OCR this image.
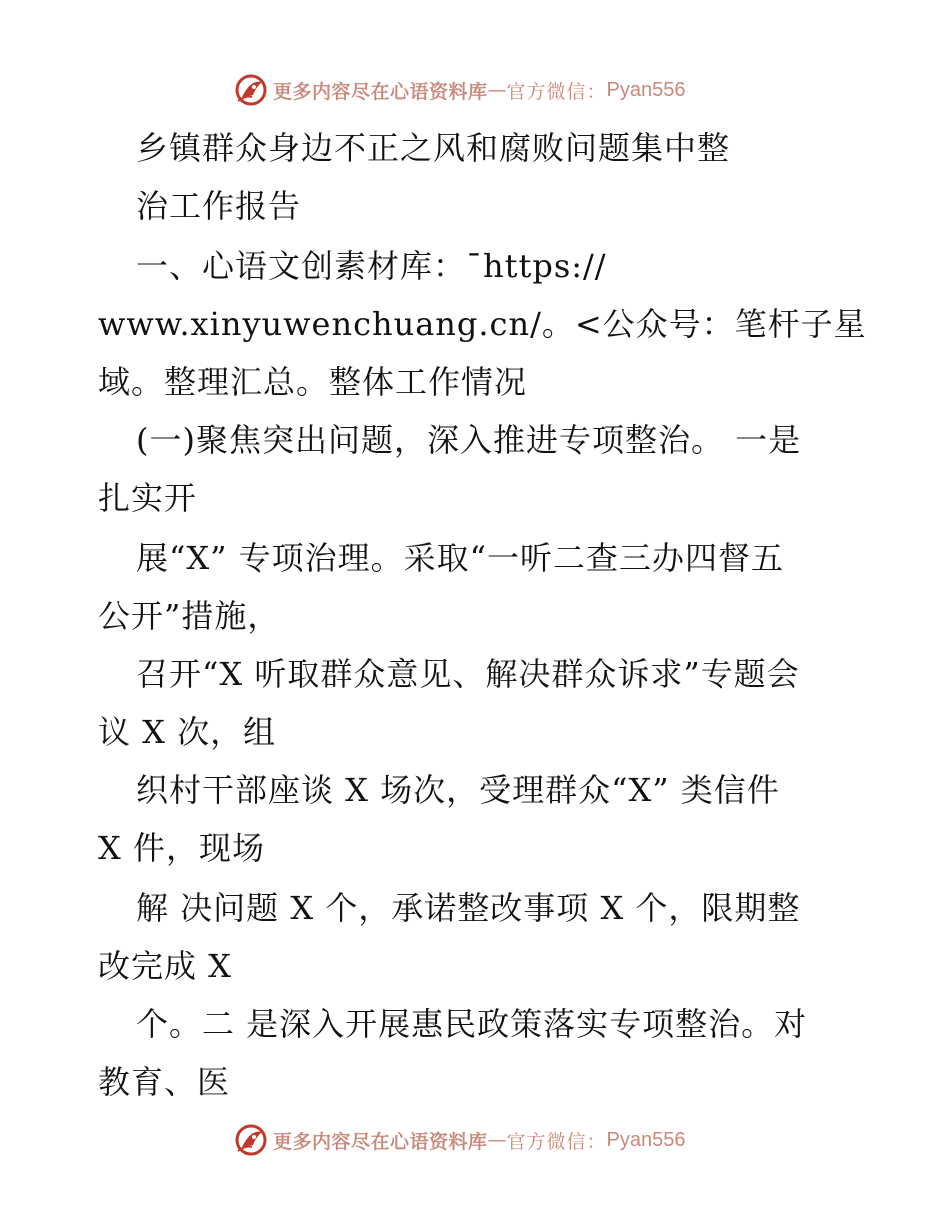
更多内容尽在心语资料库 — 官方微信： Pyan556
乡镇群众身边不正之风和腐败问题集中整
治工作报告
一、心语文创素材库：¯https://
www.xinyuwenchuang.cn/。<公众号：笔杆子星
域。整理汇总。整体工作情况
(一)聚焦突出问题，深入推进专项整治。 一是
扎实开
展“X” 专项治理。采取“一听二查三办四督五
公开”措施，
召开“X 听取群众意见、解决群众诉求”专题会
议 X 次，组
织村干部座谈 X 场次，受理群众“X” 类信件
X 件，现场
解 决问题 X 个，承诺整改事项 X 个，限期整
改完成 X
个。二 是深入开展惠民政策落实专项整治。对
教育、医
更多内容尽在心语资料库 — 官方微信： Pyan556
